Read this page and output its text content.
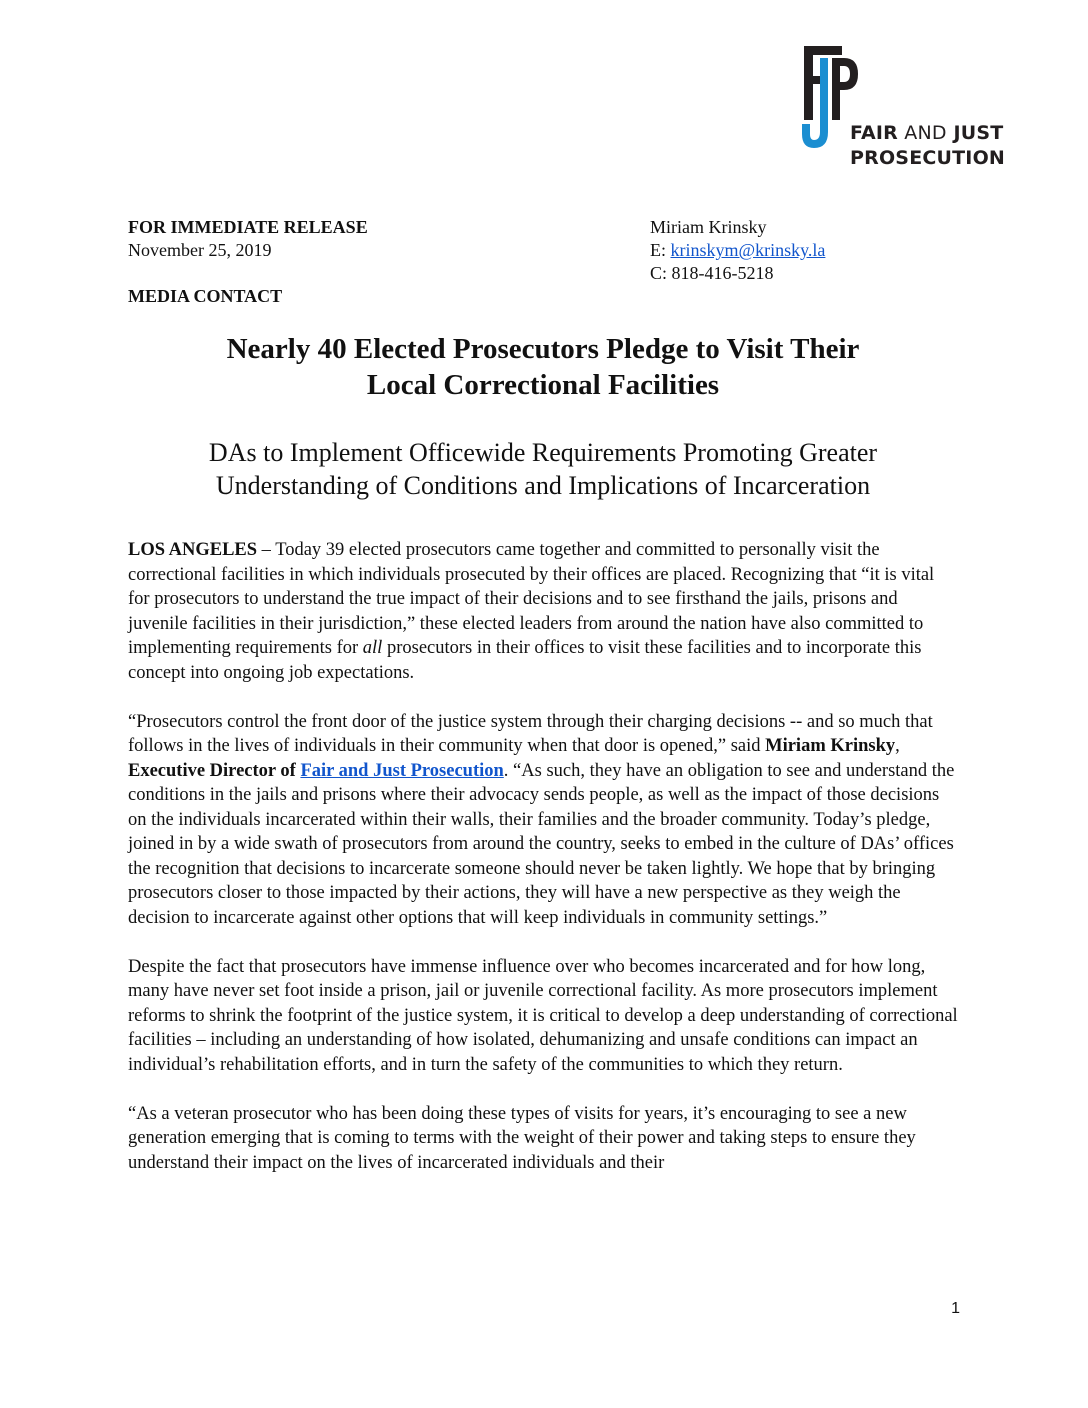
FAIR AND JUST
PROSECUTION
FOR IMMEDIATE RELEASE
November 25, 2019
Miriam Krinsky
E: krinskym@krinsky.la
C: 818-416-5218
MEDIA CONTACT
Nearly 40 Elected Prosecutors Pledge to Visit Their
Local Correctional Facilities
DAs to Implement Officewide Requirements Promoting Greater
Understanding of Conditions and Implications of Incarceration

LOS ANGELES – Today 39 elected prosecutors came together and committed to personally visit the correctional facilities in which individuals prosecuted by their offices are placed. Recognizing that “it is vital for prosecutors to understand the true impact of their decisions and to see firsthand the jails, prisons and juvenile facilities in their jurisdiction,” these elected leaders from around the nation have also committed to implementing requirements for all prosecutors in their offices to visit these facilities and to incorporate this concept into ongoing job expectations.

“Prosecutors control the front door of the justice system through their charging decisions -- and so much that follows in the lives of individuals in their community when that door is opened,” said Miriam Krinsky, Executive Director of Fair and Just Prosecution. “As such, they have an obligation to see and understand the conditions in the jails and prisons where their advocacy sends people, as well as the impact of those decisions on the individuals incarcerated within their walls, their families and the broader community. Today’s pledge, joined in by a wide swath of prosecutors from around the country, seeks to embed in the culture of DAs’ offices the recognition that decisions to incarcerate someone should never be taken lightly. We hope that by bringing prosecutors closer to those impacted by their actions, they will have a new perspective as they weigh the decision to incarcerate against other options that will keep individuals in community settings.”

Despite the fact that prosecutors have immense influence over who becomes incarcerated and for how long, many have never set foot inside a prison, jail or juvenile correctional facility. As more prosecutors implement reforms to shrink the footprint of the justice system, it is critical to develop a deep understanding of correctional facilities – including an understanding of how isolated, dehumanizing and unsafe conditions can impact an individual’s rehabilitation efforts, and in turn the safety of the communities to which they return.

“As a veteran prosecutor who has been doing these types of visits for years, it’s encouraging to see a new generation emerging that is coming to terms with the weight of their power and taking steps to ensure they understand their impact on the lives of incarcerated individuals and their

1
